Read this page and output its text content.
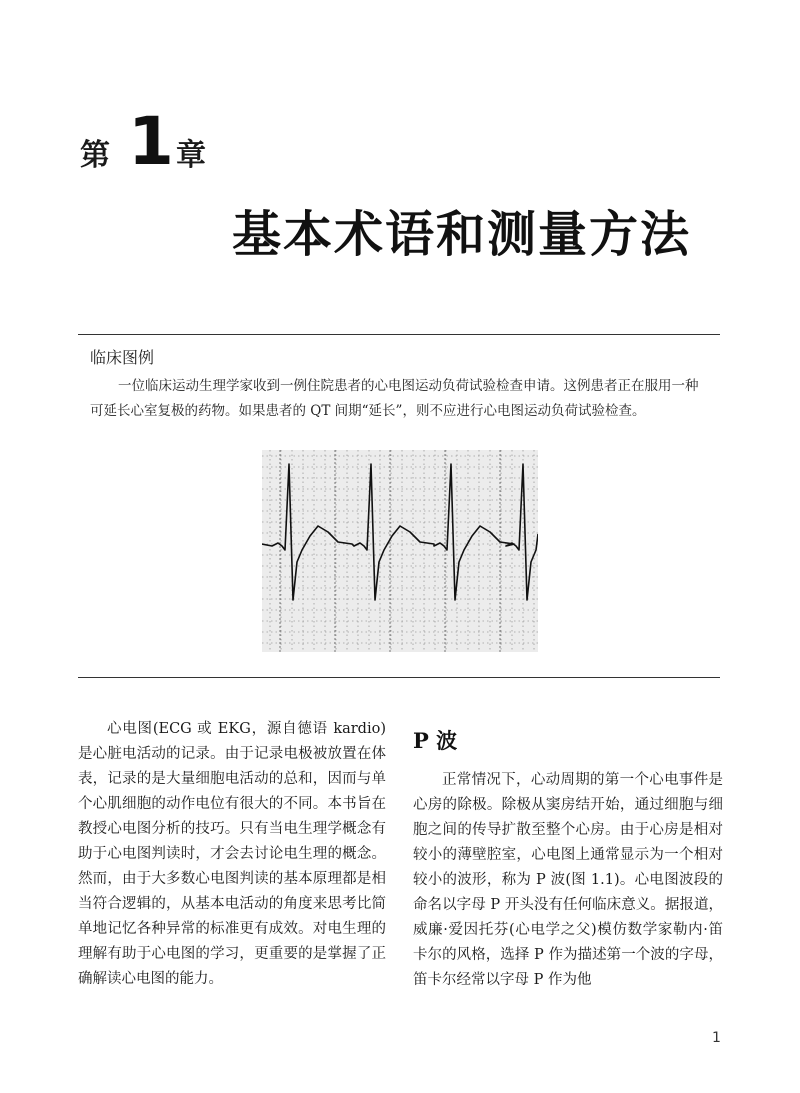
第 1 章
基本术语和测量方法
临床图例

一位临床运动生理学家收到一例住院患者的心电图运动负荷试验检查申请。这例患者正在服用一种可延长心室复极的药物。如果患者的 QT 间期“延长”，则不应进行心电图运动负荷试验检查。

心电图(ECG 或 EKG，源自德语 kardio)是心脏电活动的记录。由于记录电极被放置在体表，记录的是大量细胞电活动的总和，因而与单个心肌细胞的动作电位有很大的不同。本书旨在教授心电图分析的技巧。只有当电生理学概念有助于心电图判读时，才会去讨论电生理的概念。然而，由于大多数心电图判读的基本原理都是相当符合逻辑的，从基本电活动的角度来思考比简单地记忆各种异常的标准更有成效。对电生理的理解有助于心电图的学习，更重要的是掌握了正确解读心电图的能力。

P 波

正常情况下，心动周期的第一个心电事件是心房的除极。除极从窦房结开始，通过细胞与细胞之间的传导扩散至整个心房。由于心房是相对较小的薄壁腔室，心电图上通常显示为一个相对较小的波形，称为 P 波(图 1.1)。心电图波段的命名以字母 P 开头没有任何临床意义。据报道，威廉·爱因托芬(心电学之父)模仿数学家勒内·笛卡尔的风格，选择 P 作为描述第一个波的字母，笛卡尔经常以字母 P 作为他

1
